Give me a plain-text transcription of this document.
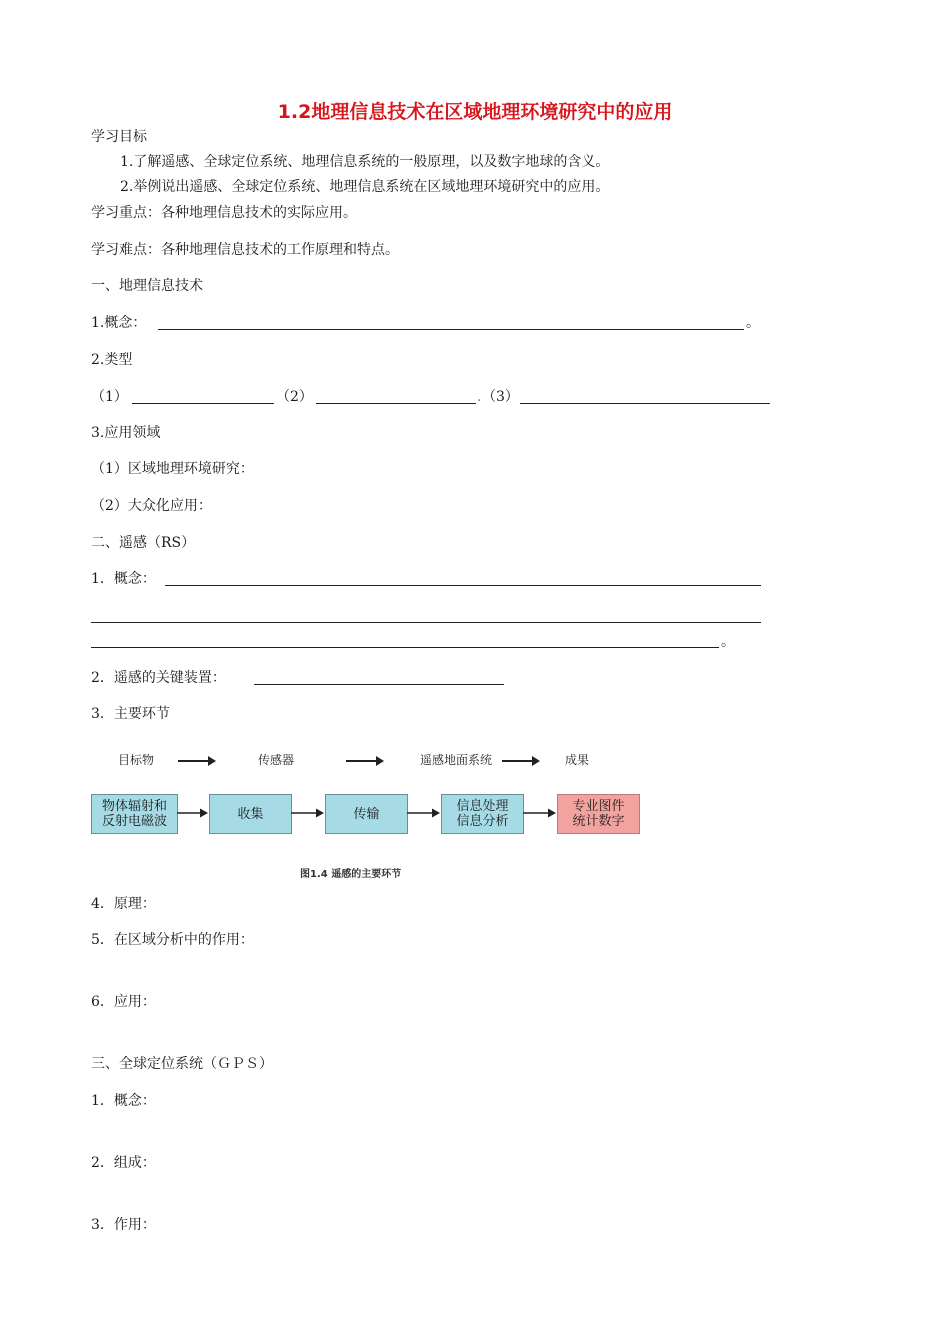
1.2地理信息技术在区域地理环境研究中的应用
学习目标
1.了解遥感、全球定位系统、地理信息系统的一般原理，以及数字地球的含义。
2.举例说出遥感、全球定位系统、地理信息系统在区域地理环境研究中的应用。
学习重点：各种地理信息技术的实际应用。
学习难点：各种地理信息技术的工作原理和特点。
一、地理信息技术
1.概念：	。
2.类型
（1）	（2）	. （3）
3.应用领域
（1）区域地理环境研究：
（2）大众化应用：
二、遥感（RS）
1．概念：
。
2．遥感的关键装置：
3．主要环节
目标物	传感器	遥感地面系统	成果
物体辐射和
反射电磁波	收集	传输	信息处理
信息分析
专业图件
统计数字
图1.4 遥感的主要环节
4．原理：
5．在区域分析中的作用：
6．应用：
三、全球定位系统（ＧＰＳ）
1．概念：
2．组成：
3．作用：
